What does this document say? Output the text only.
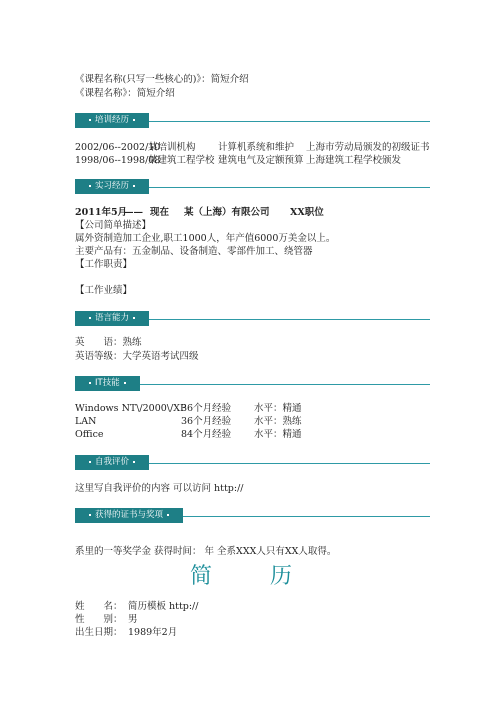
《课程名称(只写一些核心的)》：简短介绍
《课程名称》：简短介绍
培训经历
2002/06--2002/10
某培训机构 计算机系统和维护 上海市劳动局颁发的初级证书
1998/06--1998/08
某建筑工程学校 建筑电气及定额预算 上海建筑工程学校颁发
实习经历
2011年5月
—— 现在 某（上海）有限公司 XX职位
【公司简单描述】
属外资制造加工企业,职工1000人，年产值6000万美金以上。
主要产品有：五金制品、设备制造、零部件加工、绕管器
【工作职责】
【工作业绩】
语言能力
英　　语：熟练
英语等级：大学英语考试四级
IT技能
Windows NT\/2000\/XP
36个月经验 水平：精通
LAN	36个月经验 水平：熟练
Office	84个月经验 水平：精通
自我评价
这里写自我评价的内容 可以访问 http://
获得的证书与奖项
系里的一等奖学金 获得时间： 年 全系XXX人只有XX人取得。
简　历
姓　　名： 简历模板 http://
性　　别： 男
出生日期： 1989年2月
